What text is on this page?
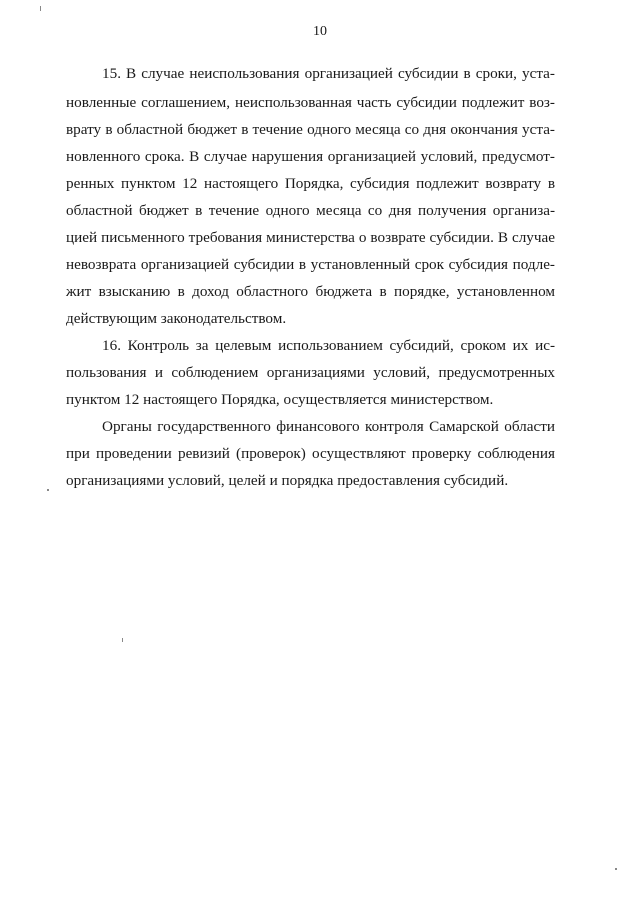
10
15. В случае неиспользования организацией субсидии в сроки, уста-
новленные соглашением, неиспользованная часть субсидии подлежит воз-
врату в областной бюджет в течение одного месяца со дня окончания уста-
новленного срока. В случае нарушения организацией условий, предусмот-
ренных пунктом 12 настоящего Порядка, субсидия подлежит возврату в
областной бюджет в течение одного месяца со дня получения организа-
цией письменного требования министерства о возврате субсидии. В случае
невозврата организацией субсидии в установленный срок субсидия подле-
жит взысканию в доход областного бюджета в порядке, установленном
действующим законодательством.
16. Контроль за целевым использованием субсидий, сроком их ис-
пользования и соблюдением организациями условий, предусмотренных
пунктом 12 настоящего Порядка, осуществляется министерством.
Органы государственного финансового контроля Самарской области
при проведении ревизий (проверок) осуществляют проверку соблюдения
организациями условий, целей и порядка предоставления субсидий.
